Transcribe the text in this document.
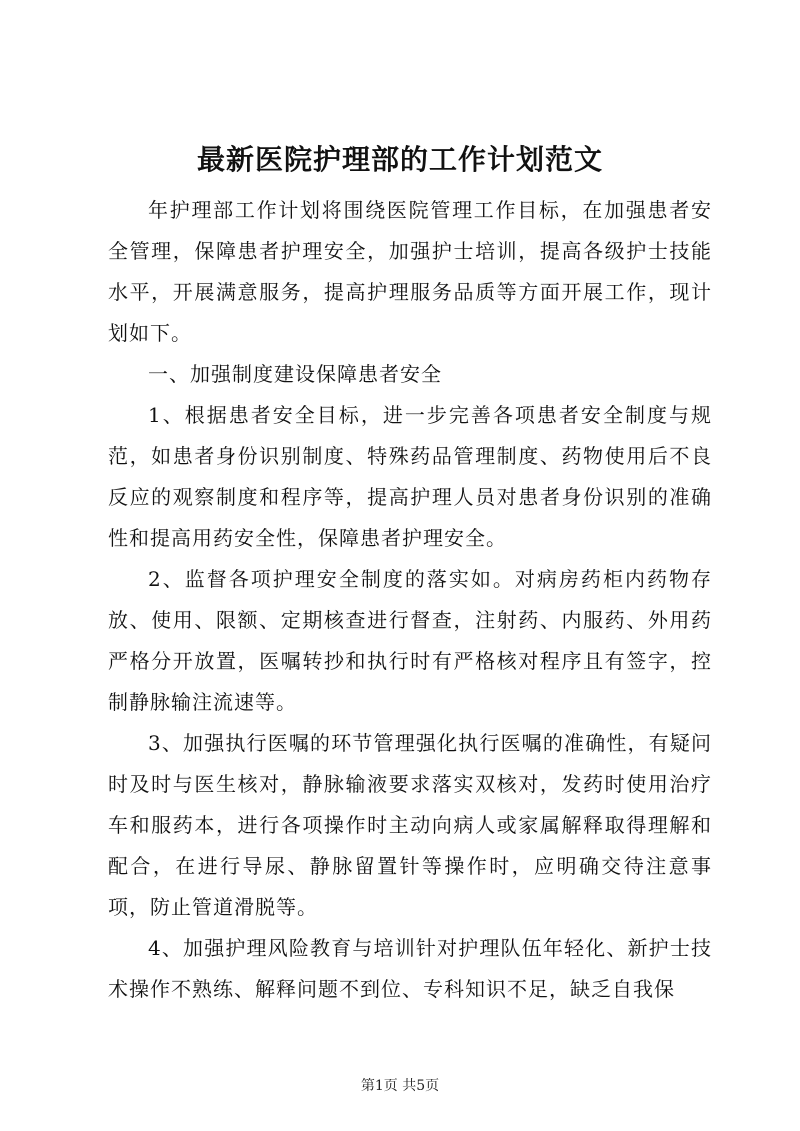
最新医院护理部的工作计划范文

年护理部工作计划将围绕医院管理工作目标，在加强患者安全管理，保障患者护理安全，加强护士培训，提高各级护士技能水平，开展满意服务，提高护理服务品质等方面开展工作，现计划如下。

一、加强制度建设保障患者安全

1、根据患者安全目标，进一步完善各项患者安全制度与规范，如患者身份识别制度、特殊药品管理制度、药物使用后不良反应的观察制度和程序等，提高护理人员对患者身份识别的准确性和提高用药安全性，保障患者护理安全。

2、监督各项护理安全制度的落实如。对病房药柜内药物存放、使用、限额、定期核查进行督查，注射药、内服药、外用药严格分开放置，医嘱转抄和执行时有严格核对程序且有签字，控制静脉输注流速等。

3、加强执行医嘱的环节管理强化执行医嘱的准确性，有疑问时及时与医生核对，静脉输液要求落实双核对，发药时使用治疗车和服药本，进行各项操作时主动向病人或家属解释取得理解和配合，在进行导尿、静脉留置针等操作时，应明确交待注意事项，防止管道滑脱等。

4、加强护理风险教育与培训针对护理队伍年轻化、新护士技术操作不熟练、解释问题不到位、专科知识不足，缺乏自我保

第1页 共5页
